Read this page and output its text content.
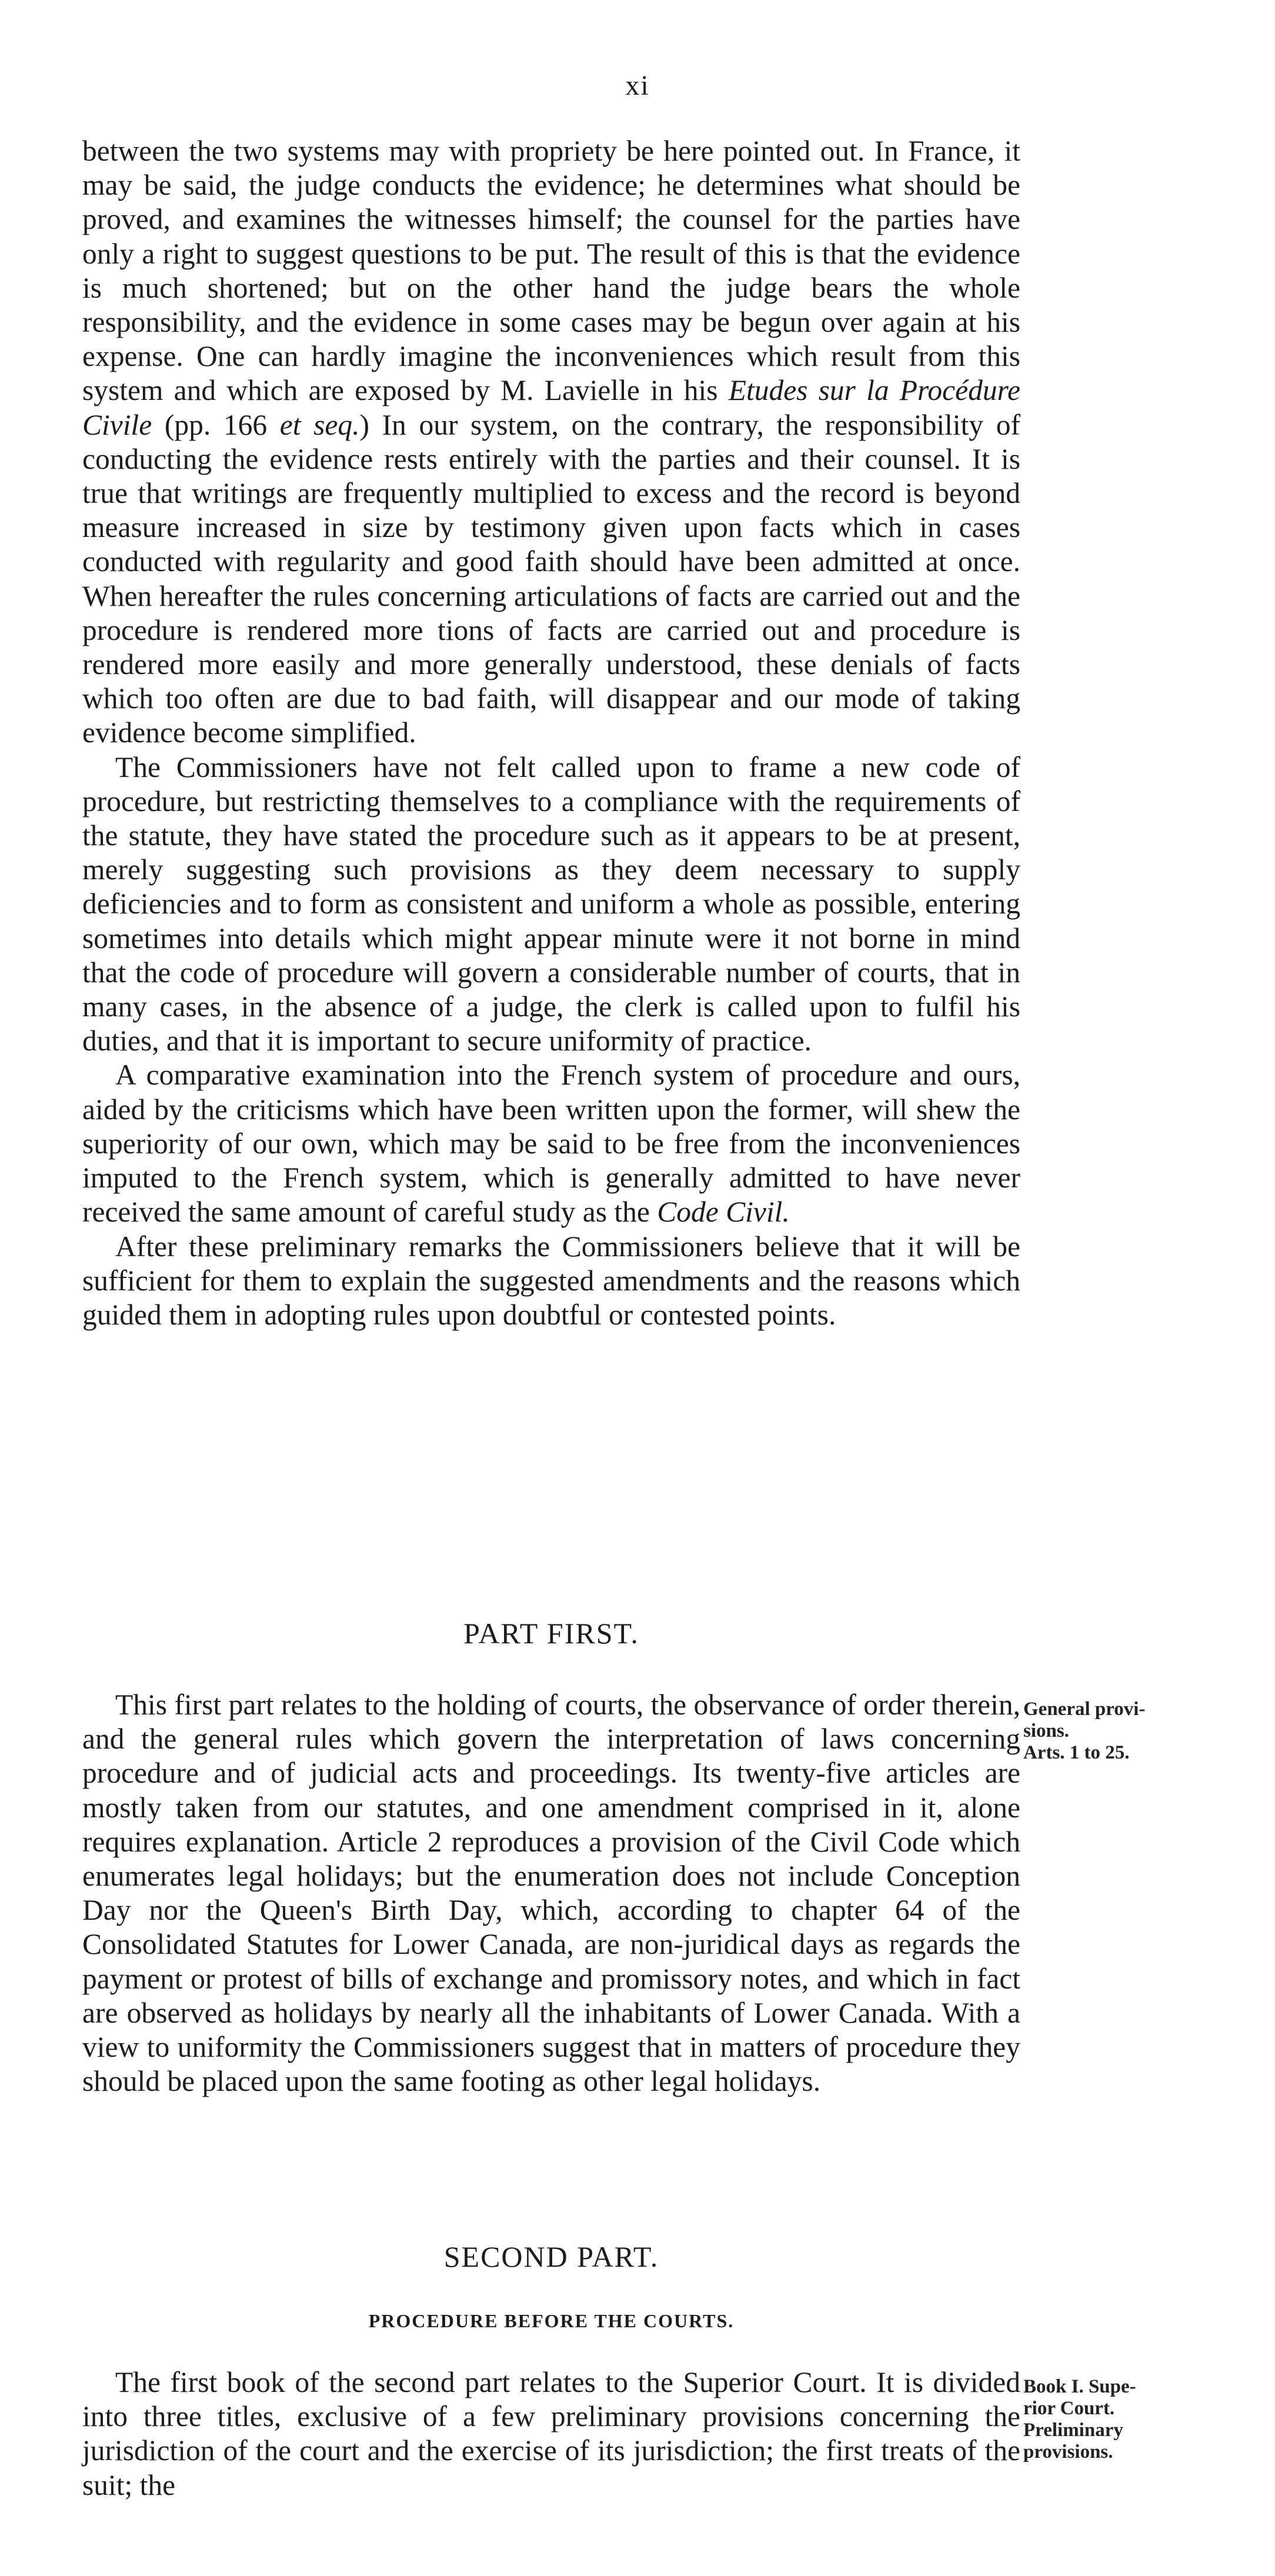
xi

between the two systems may with propriety be here pointed out. In France, it may be said, the judge conducts the evidence; he determines what should be proved, and examines the witnesses himself; the counsel for the parties have only a right to suggest questions to be put. The result of this is that the evidence is much shortened; but on the other hand the judge bears the whole responsibility, and the evidence in some cases may be begun over again at his expense. One can hardly imagine the inconveniences which result from this system and which are exposed by M. Lavielle in his Etudes sur la Procédure Civile (pp. 166 et seq.) In our system, on the contrary, the responsibility of conducting the evidence rests entirely with the parties and their counsel. It is true that writings are frequently multiplied to excess and the record is beyond measure increased in size by testimony given upon facts which in cases conducted with regularity and good faith should have been admitted at once. When hereafter the rules concerning articulations of facts are carried out and the procedure is rendered more tions of facts are carried out and procedure is rendered more easily and more generally understood, these denials of facts which too often are due to bad faith, will disappear and our mode of taking evidence become simplified.

The Commissioners have not felt called upon to frame a new code of procedure, but restricting themselves to a compliance with the requirements of the statute, they have stated the procedure such as it appears to be at present, merely suggesting such provisions as they deem necessary to supply deficiencies and to form as consistent and uniform a whole as possible, entering sometimes into details which might appear minute were it not borne in mind that the code of procedure will govern a considerable number of courts, that in many cases, in the absence of a judge, the clerk is called upon to fulfil his duties, and that it is important to secure uniformity of practice.

A comparative examination into the French system of procedure and ours, aided by the criticisms which have been written upon the former, will shew the superiority of our own, which may be said to be free from the inconveniences imputed to the French system, which is generally admitted to have never received the same amount of careful study as the Code Civil.

After these preliminary remarks the Commissioners believe that it will be sufficient for them to explain the suggested amendments and the reasons which guided them in adopting rules upon doubtful or contested points.

PART FIRST.

This first part relates to the holding of courts, the observance of order therein, and the general rules which govern the interpretation of laws concerning procedure and of judicial acts and proceedings. Its twenty-five articles are mostly taken from our statutes, and one amendment comprised in it, alone requires explanation. Article 2 reproduces a provision of the Civil Code which enumerates legal holidays; but the enumeration does not include Conception Day nor the Queen's Birth Day, which, according to chapter 64 of the Consolidated Statutes for Lower Canada, are non-juridical days as regards the payment or protest of bills of exchange and promissory notes, and which in fact are observed as holidays by nearly all the inhabitants of Lower Canada. With a view to uniformity the Commissioners suggest that in matters of procedure they should be placed upon the same footing as other legal holidays.

General provi-
sions.
Arts. 1 to 25.
SECOND PART.
PROCEDURE BEFORE THE COURTS.

The first book of the second part relates to the Superior Court. It is divided into three titles, exclusive of a few preliminary provisions concerning the jurisdiction of the court and the exercise of its jurisdiction; the first treats of the suit; the

Book I. Supe-
rior Court.
Preliminary
provisions.
